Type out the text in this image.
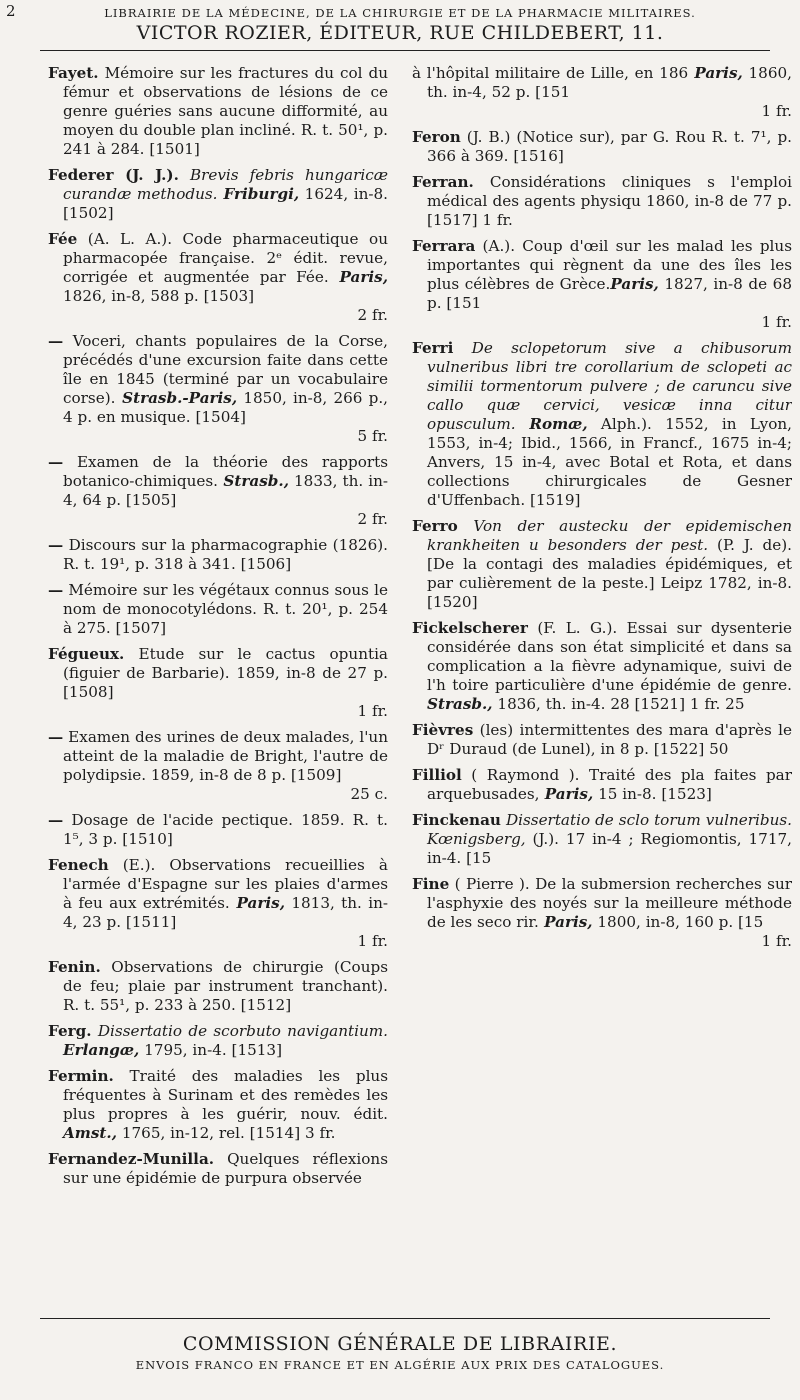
2	LIBRAIRIE DE LA MÉDECINE, DE LA CHIRURGIE ET DE LA PHARMACIE MILITAIRES.
VICTOR ROZIER, ÉDITEUR, RUE CHILDEBERT, 11.
Fayet. Mémoire sur les fractures du col du fémur et observations de lésions de ce genre guéries sans aucune difformité, au moyen du double plan incliné. R. t. 50¹, p. 241 à 284. [1501]
Federer (J. J.). Brevis febris hungaricæ curandæ methodus. Friburgi, 1624, in-8. [1502]
Fée (A. L. A.). Code pharmaceutique ou pharmacopée française. 2ᵉ édit. revue, corrigée et augmentée par Fée. Paris, 1826, in-8, 588 p. [1503]
2 fr.
— Voceri, chants populaires de la Corse, précédés d'une excursion faite dans cette île en 1845 (terminé par un vocabulaire corse). Strasb.-Paris, 1850, in-8, 266 p., 4 p. en musique. [1504]
5 fr.
— Examen de la théorie des rapports botanico-chimiques. Strasb., 1833, th. in-4, 64 p. [1505]
2 fr.
— Discours sur la pharmacographie (1826). R. t. 19¹, p. 318 à 341. [1506]
— Mémoire sur les végétaux connus sous le nom de monocotylédons. R. t. 20¹, p. 254 à 275. [1507]
Fégueux. Etude sur le cactus opuntia (figuier de Barbarie). 1859, in-8 de 27 p. [1508]
1 fr.
— Examen des urines de deux malades, l'un atteint de la maladie de Bright, l'autre de polydipsie. 1859, in-8 de 8 p. [1509]
25 c.
— Dosage de l'acide pectique. 1859. R. t. 1⁵, 3 p. [1510]
Fenech (E.). Observations recueillies à l'armée d'Espagne sur les plaies d'armes à feu aux extrémités. Paris, 1813, th. in-4, 23 p. [1511]
1 fr.
Fenin. Observations de chirurgie (Coups de feu; plaie par instrument tranchant). R. t. 55¹, p. 233 à 250. [1512]
Ferg. Dissertatio de scorbuto navigantium. Erlangæ, 1795, in-4. [1513]
Fermin. Traité des maladies les plus fréquentes à Surinam et des remèdes les plus propres à les guérir, nouv. édit. Amst., 1765, in-12, rel. [1514] 3 fr.
Fernandez-Munilla. Quelques réflexions sur une épidémie de purpura observée
à l'hôpital militaire de Lille, en 186 Paris, 1860, th. in-4, 52 p. [151
1 fr.
Feron (J. B.) (Notice sur), par G. Rou R. t. 7¹, p. 366 à 369. [1516]
Ferran. Considérations cliniques s l'emploi médical des agents physiqu 1860, in-8 de 77 p. [1517] 1 fr.
Ferrara (A.). Coup d'œil sur les malad les plus importantes qui règnent da une des îles les plus célèbres de Grèce.Paris, 1827, in-8 de 68 p. [151
1 fr.
Ferri De sclopetorum sive a chibusorum vulneribus libri tre corollarium de sclopeti ac similii tormentorum pulvere ; de caruncu sive callo quæ cervici, vesicæ inna citur opusculum. Romæ, Alph.). 1552, in Lyon, 1553, in-4; Ibid., 1566, in Francf., 1675 in-4; Anvers, 15 in-4, avec Botal et Rota, et dans collections chirurgicales de Gesner d'Uffenbach. [1519]
Ferro Von der austecku der epidemischen krankheiten u besonders der pest. (P. J. de). [De la contagi des maladies épidémiques, et par culièrement de la peste.] Leipz 1782, in-8. [1520]
Fickelscherer (F. L. G.). Essai sur dysenterie considérée dans son état simplicité et dans sa complication a la fièvre adynamique, suivi de l'h toire particulière d'une épidémie de genre. Strasb., 1836, th. in-4. 28 [1521] 1 fr. 25
Fièvres (les) intermittentes des mara d'après le Dʳ Duraud (de Lunel), in 8 p. [1522] 50
Filliol ( Raymond ). Traité des pla faites par arquebusades, Paris, 15 in-8. [1523]
Finckenau Dissertatio de sclo torum vulneribus. Kœnigsberg, (J.). 17 in-4 ; Regiomontis, 1717, in-4. [15
Fine ( Pierre ). De la submersion recherches sur l'asphyxie des noyés sur la meilleure méthode de les seco rir. Paris, 1800, in-8, 160 p. [15
1 fr.
COMMISSION GÉNÉRALE DE LIBRAIRIE.
ENVOIS FRANCO EN FRANCE ET EN ALGÉRIE AUX PRIX DES CATALOGUES.
